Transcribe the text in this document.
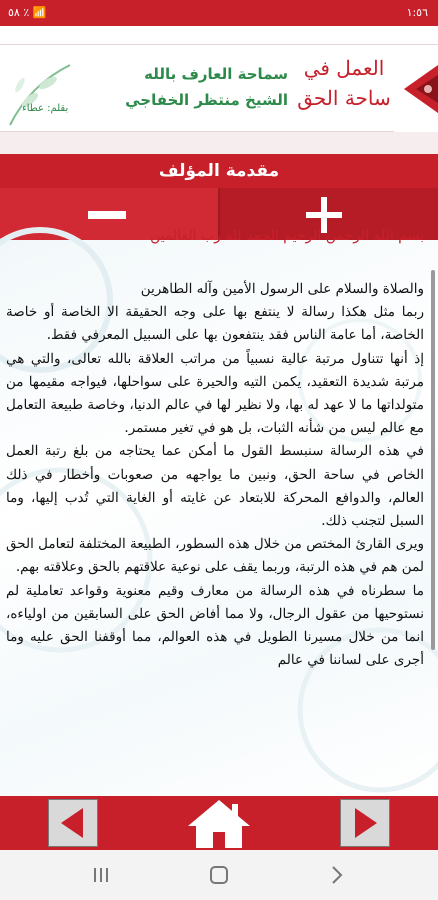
٥٨ ٪ 📶	١:٥٦
سماحة العارف بالله
الشيخ منتظر الخفاجي
بقلم: عطاء
العمل في ساحة الحق
مقدمة المؤلف
بسم الله الرحمن الرحيم الحمد لله رب العالمين

والصلاة والسلام على الرسول الأمين وآله الطاهرين

ربما مثل هكذا رسالة لا ينتفع بها على وجه الحقيقة الا الخاصة أو خاصة الخاصة، أما عامة الناس فقد ينتفعون بها على السبيل المعرفي فقط.

إذ أنها تتناول مرتبة عالية نسبياً من مراتب العلاقة بالله تعالى، والتي هي مرتبة شديدة التعقيد، يكمن التيه والحيرة على سواحلها، فيواجه مقيمها من متولداتها ما لا عهد له بها، ولا نظير لها في عالم الدنيا، وخاصة طبيعة التعامل مع عالم ليس من شأنه الثبات، بل هو في تغير مستمر.

في هذه الرسالة سنبسط القول ما أمكن عما يحتاجه من بلغ رتبة العمل الخاص في ساحة الحق، ونبين ما يواجهه من صعوبات وأخطار في ذلك العالم، والدوافع المحركة للابتعاد عن غايته أو الغاية التي تُدب إليها، وما السبل لتجنب ذلك.

ويرى القارئ المختص من خلال هذه السطور، الطبيعة المختلفة لتعامل الحق لمن هم في هذه الرتبة، وربما يقف على نوعية علاقتهم بالحق وعلاقته بهم.

ما سطرناه في هذه الرسالة من معارف وقيم معنوية وقواعد تعاملية لم نستوحيها من عقول الرجال، ولا مما أفاض الحق على السابقين من اولياءه، انما من خلال مسيرنا الطويل في هذه العوالم، مما أوقفنا الحق عليه وما أجرى على لساننا في عالم
